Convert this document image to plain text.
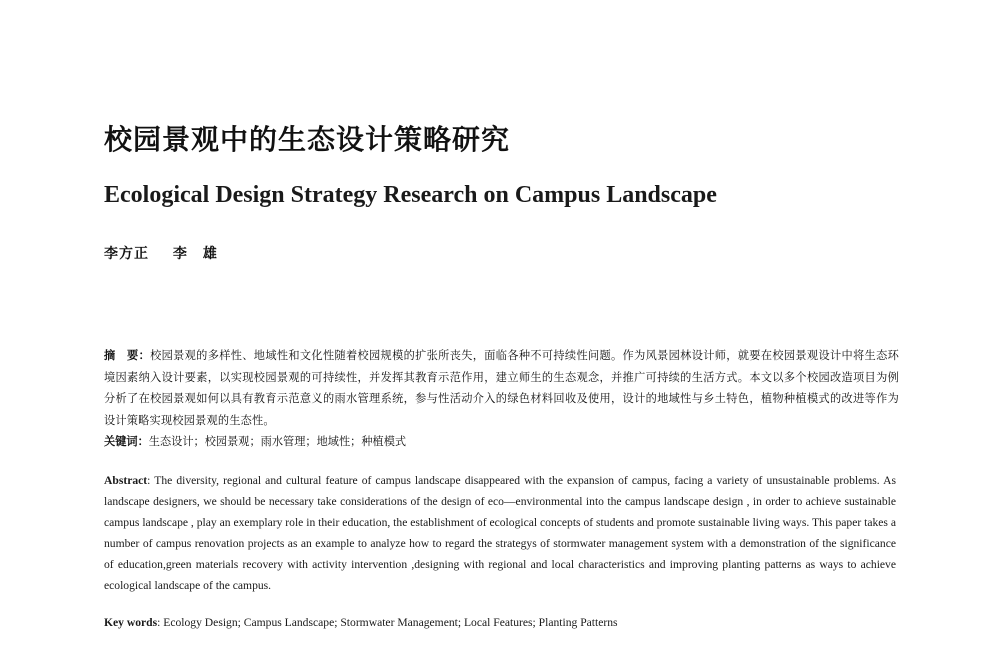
校园景观中的生态设计策略研究
Ecological Design Strategy Research on Campus Landscape
李方正 李　雄
摘　要：校园景观的多样性、地域性和文化性随着校园规模的扩张所丧失，面临各种不可持续性问题。作为风景园林设计师，就要在校园景观设计中将生态环境因素纳入设计要素，以实现校园景观的可持续性，并发挥其教育示范作用，建立师生的生态观念，并推广可持续的生活方式。本文以多个校园改造项目为例分析了在校园景观如何以具有教育示范意义的雨水管理系统，参与性活动介入的绿色材料回收及使用，设计的地域性与乡土特色，植物种植模式的改进等作为设计策略实现校园景观的生态性。
关键词：生态设计；校园景观；雨水管理；地域性；种植模式
Abstract: The diversity, regional and cultural feature of campus landscape disappeared with the expansion of campus, facing a variety of unsustainable problems. As landscape designers, we should be necessary take considerations of the design of eco—environmental into the campus landscape design , in order to achieve sustainable campus landscape , play an exemplary role in their education, the establishment of ecological concepts of students and promote sustainable living ways. This paper takes a number of campus renovation projects as an example to analyze how to regard the strategys of stormwater management system with a demonstration of the significance of education,green materials recovery with activity intervention ,designing with regional and local characteristics and improving planting patterns as ways to achieve ecological landscape of the campus.
Key words: Ecology Design; Campus Landscape; Stormwater Management; Local Features; Planting Patterns
